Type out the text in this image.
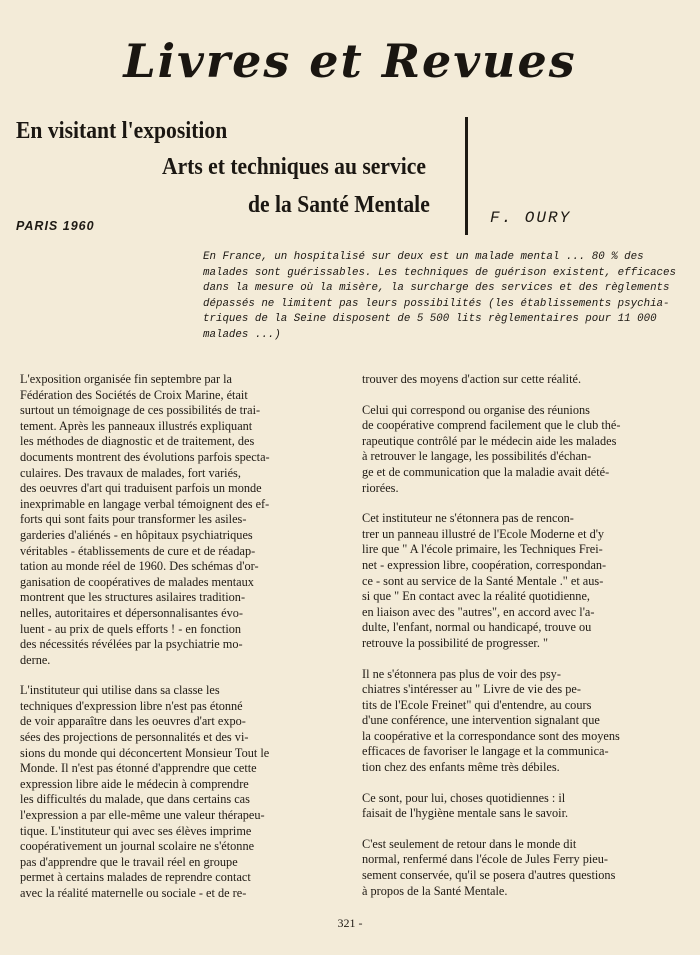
Livres et Revues
En visitant l'exposition
Arts et techniques au service
de la Santé Mentale	F. OURY
PARIS 1960
En France, un hospitalisé sur deux est un malade mental ... 80 % des
malades sont guérissables. Les techniques de guérison existent, efficaces
dans la mesure où la misère, la surcharge des services et des règlements
dépassés ne limitent pas leurs possibilités (les établissements psychia-
triques de la Seine disposent de 5 500 lits règlementaires pour 11 000
malades ...)
L'exposition organisée fin septembre par la
Fédération des Sociétés de Croix Marine, était
surtout un témoignage de ces possibilités de trai-
tement. Après les panneaux illustrés expliquant
les méthodes de diagnostic et de traitement, des
documents montrent des évolutions parfois specta-
culaires. Des travaux de malades, fort variés,
des oeuvres d'art qui traduisent parfois un monde
inexprimable en langage verbal témoignent des ef-
forts qui sont faits pour transformer les asiles-
garderies d'aliénés - en hôpitaux psychiatriques
véritables - établissements de cure et de réadap-
tation au monde réel de 1960. Des schémas d'or-
ganisation de coopératives de malades mentaux
montrent que les structures asilaires tradition-
nelles, autoritaires et dépersonnalisantes évo-
luent - au prix de quels efforts ! - en fonction
des nécessités révélées par la psychiatrie mo-
derne.
L'instituteur qui utilise dans sa classe les
techniques d'expression libre n'est pas étonné
de voir apparaître dans les oeuvres d'art expo-
sées des projections de personnalités et des vi-
sions du monde qui déconcertent Monsieur Tout le
Monde. Il n'est pas étonné d'apprendre que cette
expression libre aide le médecin à comprendre
les difficultés du malade, que dans certains cas
l'expression a par elle-même une valeur thérapeu-
tique. L'instituteur qui avec ses élèves imprime
coopérativement un journal scolaire ne s'étonne
pas d'apprendre que le travail réel en groupe
permet à certains malades de reprendre contact
avec la réalité maternelle ou sociale - et de re-
trouver des moyens d'action sur cette réalité.
Celui qui correspond ou organise des réunions
de coopérative comprend facilement que le club thé-
rapeutique contrôlé par le médecin aide les malades
à retrouver le langage, les possibilités d'échan-
ge et de communication que la maladie avait dété-
riorées.
Cet instituteur ne s'étonnera pas de rencon-
trer un panneau illustré de l'Ecole Moderne et d'y
lire que " A l'école primaire, les Techniques Frei-
net - expression libre, coopération, correspondan-
ce - sont au service de la Santé Mentale ." et aus-
si que " En contact avec la réalité quotidienne,
en liaison avec des "autres", en accord avec l'a-
dulte, l'enfant, normal ou handicapé, trouve ou
retrouve la possibilité de progresser. "
Il ne s'étonnera pas plus de voir des psy-
chiatres s'intéresser au " Livre de vie des pe-
tits de l'Ecole Freinet" qui d'entendre, au cours
d'une conférence, une intervention signalant que
la coopérative et la correspondance sont des moyens
efficaces de favoriser le langage et la communica-
tion chez des enfants même très débiles.
Ce sont, pour lui, choses quotidiennes : il
faisait de l'hygiène mentale sans le savoir.
C'est seulement de retour dans le monde dit
normal, renfermé dans l'école de Jules Ferry pieu-
sement conservée, qu'il se posera d'autres questions
à propos de la Santé Mentale.
321 -
